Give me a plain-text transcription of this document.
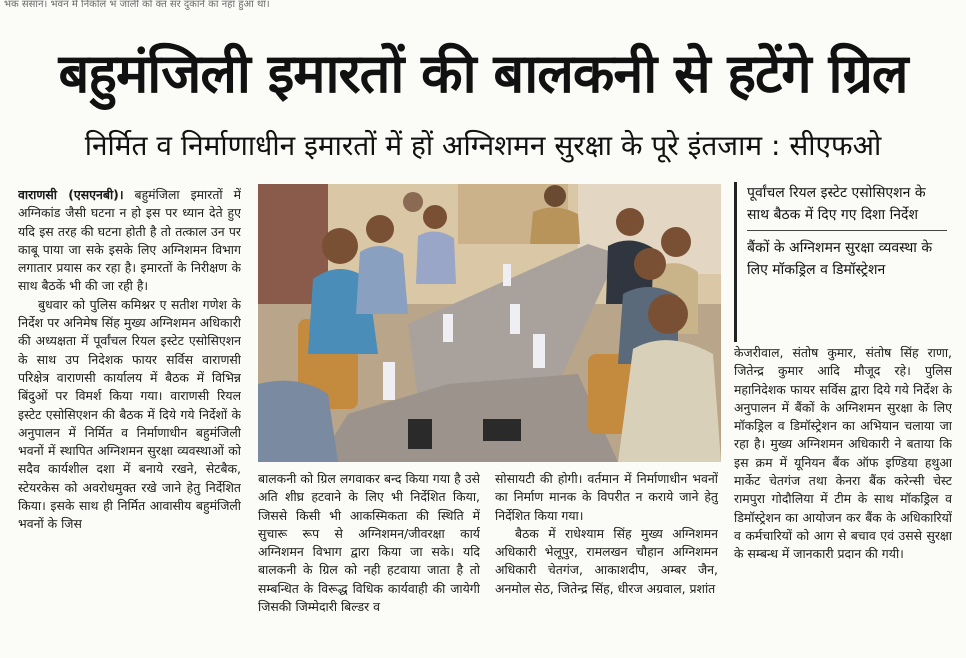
भक संसान। भवन में निकोल भ जाली को क्त सर दुकाने का नहा हुआ था।
बहुमंजिली इमारतों की बालकनी से हटेंगे ग्रिल
निर्मित व निर्माणाधीन इमारतों में हों अग्निशमन सुरक्षा के पूरे इंतजाम : सीएफओ

वाराणसी (एसएनबी)। बहुमंजिला इमारतों में अग्निकांड जैसी घटना न हो इस पर ध्यान देते हुए यदि इस तरह की घटना होती है तो तत्काल उन पर काबू पाया जा सके इसके लिए अग्निशमन विभाग लगातार प्रयास कर रहा है। इमारतों के निरीक्षण के साथ बैठकें भी की जा रही है।

बुधवार को पुलिस कमिश्नर ए सतीश गणेश के निर्देश पर अनिमेष सिंह मुख्य अग्निशमन अधिकारी की अध्यक्षता में पूर्वांचल रियल इस्टेट एसोसिएशन के साथ उप निदेशक फायर सर्विस वाराणसी परिक्षेत्र वाराणसी कार्यालय में बैठक में विभिन्न बिंदुओं पर विमर्श किया गया। वाराणसी रियल इस्टेट एसोसिएशन की बैठक में दिये गये निर्देशों के अनुपालन में निर्मित व निर्माणाधीन बहुमंजिली भवनों में स्थापित अग्निशमन सुरक्षा व्यवस्थाओं को सदैव कार्यशील दशा में बनाये रखने, सेटबैक, स्टेयरकेस को अवरोधमुक्त रखे जाने हेतु निर्देशित किया। इसके साथ ही निर्मित आवासीय बहुमंजिली भवनों के जिस

बालकनी को ग्रिल लगवाकर बन्द किया गया है उसे अति शीघ्र हटवाने के लिए भी निर्देशित किया, जिससे किसी भी आकस्मिकता की स्थिति में सुचारू रूप से अग्निशमन/जीवरक्षा कार्य अग्निशमन विभाग द्वारा किया जा सके। यदि बालकनी के ग्रिल को नही हटवाया जाता है तो सम्बन्धित के विरूद्ध विधिक कार्यवाही की जायेगी जिसकी जिम्मेदारी बिल्डर व

सोसायटी की होगी। वर्तमान में निर्माणाधीन भवनों का निर्माण मानक के विपरीत न कराये जाने हेतु निर्देशित किया गया।

बैठक में राधेश्याम सिंह मुख्य अग्निशमन अधिकारी भेलूपुर, रामलखन चौहान अग्निशमन अधिकारी चेतगंज, आकाशदीप, अम्बर जैन, अनमोल सेठ, जितेन्द्र सिंह, धीरज अग्रवाल, प्रशांत

पूर्वांचल रियल इस्टेट एसोसिएशन के साथ बैठक में दिए गए दिशा निर्देश
बैंकों के अग्निशमन सुरक्षा व्यवस्था के लिए मॉकड्रिल व डिमॉस्ट्रेशन

केजरीवाल, संतोष कुमार, संतोष सिंह राणा, जितेन्द्र कुमार आदि मौजूद रहे। पुलिस महानिदेशक फायर सर्विस द्वारा दिये गये निर्देश के अनुपालन में बैंकों के अग्निशमन सुरक्षा के लिए मॉकड्रिल व डिमॉस्ट्रेशन का अभियान चलाया जा रहा है। मुख्य अग्निशमन अधिकारी ने बताया कि इस क्रम में यूनियन बैंक ऑफ इण्डिया हथुआ मार्केट चेतगंज तथा केनरा बैंक करेन्सी चेस्ट रामपुरा गोदौलिया में टीम के साथ मॉकड्रिल व डिमॉस्ट्रेशन का आयोजन कर बैंक के अधिकारियों व कर्मचारियों को आग से बचाव एवं उससे सुरक्षा के सम्बन्ध में जानकारी प्रदान की गयी।
